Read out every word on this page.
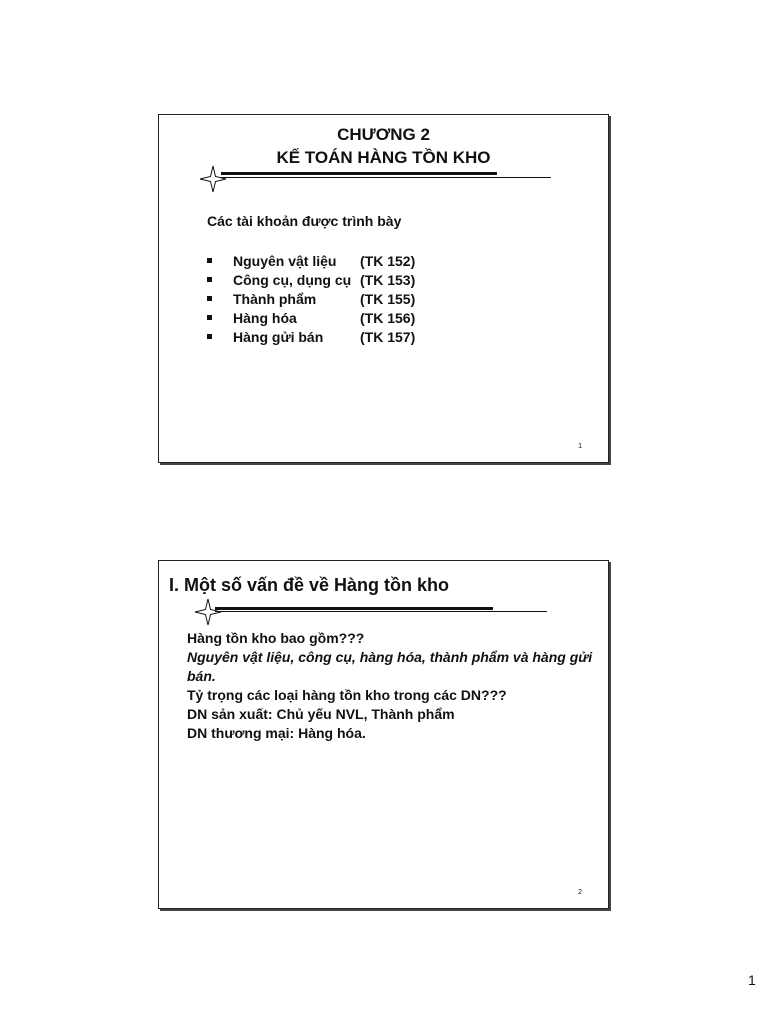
CHƯƠNG 2
KẾ TOÁN HÀNG TỒN KHO
Các tài khoản được trình bày
Nguyên vật liệu	(TK 152)
Công cụ, dụng cụ (TK 153)
Thành phẩm	(TK 155)
Hàng hóa	(TK 156)
Hàng gửi bán	(TK 157)
1
I. Một số vấn đề về Hàng tồn kho

Hàng tồn kho bao gồm???

Nguyên vật liệu, công cụ, hàng hóa, thành phẩm và hàng gửi bán.

Tỷ trọng các loại hàng tồn kho trong các DN???

DN sản xuất: Chủ yếu NVL, Thành phẩm

DN thương mại: Hàng hóa.

2
1
